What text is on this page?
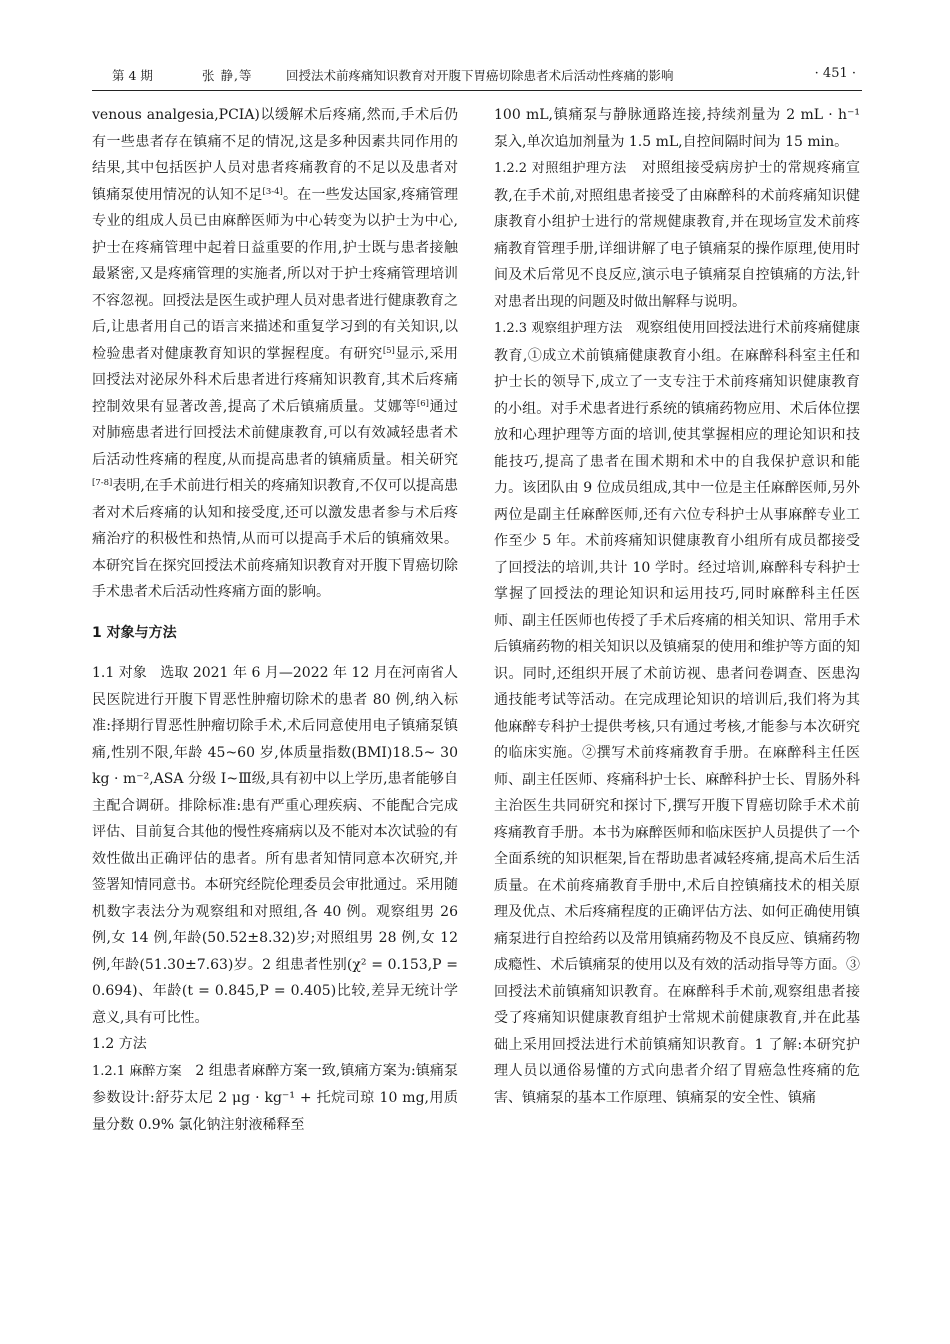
第 4 期	张 静,等	回授法术前疼痛知识教育对开腹下胃癌切除患者术后活动性疼痛的影响	· 451 ·

venous analgesia,PCIA)以缓解术后疼痛,然而,手术后仍有一些患者存在镇痛不足的情况,这是多种因素共同作用的结果,其中包括医护人员对患者疼痛教育的不足以及患者对镇痛泵使用情况的认知不足[3-4]。在一些发达国家,疼痛管理专业的组成人员已由麻醉医师为中心转变为以护士为中心,护士在疼痛管理中起着日益重要的作用,护士既与患者接触最紧密,又是疼痛管理的实施者,所以对于护士疼痛管理培训不容忽视。回授法是医生或护理人员对患者进行健康教育之后,让患者用自己的语言来描述和重复学习到的有关知识,以检验患者对健康教育知识的掌握程度。有研究[5]显示,采用回授法对泌尿外科术后患者进行疼痛知识教育,其术后疼痛控制效果有显著改善,提高了术后镇痛质量。艾娜等[6]通过对肺癌患者进行回授法术前健康教育,可以有效减轻患者术后活动性疼痛的程度,从而提高患者的镇痛质量。相关研究[7-8]表明,在手术前进行相关的疼痛知识教育,不仅可以提高患者对术后疼痛的认知和接受度,还可以激发患者参与术后疼痛治疗的积极性和热情,从而可以提高手术后的镇痛效果。本研究旨在探究回授法术前疼痛知识教育对开腹下胃癌切除手术患者术后活动性疼痛方面的影响。

1 对象与方法

1.1 对象 选取 2021 年 6 月—2022 年 12 月在河南省人民医院进行开腹下胃恶性肿瘤切除术的患者 80 例,纳入标准:择期行胃恶性肿瘤切除手术,术后同意使用电子镇痛泵镇痛,性别不限,年龄 45~60 岁,体质量指数(BMI)18.5~ 30 kg · m⁻²,ASA 分级 Ⅰ~Ⅲ级,具有初中以上学历,患者能够自主配合调研。排除标准:患有严重心理疾病、不能配合完成评估、目前复合其他的慢性疼痛病以及不能对本次试验的有效性做出正确评估的患者。所有患者知情同意本次研究,并签署知情同意书。本研究经院伦理委员会审批通过。采用随机数字表法分为观察组和对照组,各 40 例。观察组男 26 例,女 14 例,年龄(50.52±8.32)岁;对照组男 28 例,女 12 例,年龄(51.30±7.63)岁。2 组患者性别(χ² = 0.153,P = 0.694)、年龄(t = 0.845,P = 0.405)比较,差异无统计学意义,具有可比性。

1.2 方法

1.2.1 麻醉方案 2 组患者麻醉方案一致,镇痛方案为:镇痛泵参数设计:舒芬太尼 2 μg · kg⁻¹ + 托烷司琼 10 mg,用质量分数 0.9% 氯化钠注射液稀释至

100 mL,镇痛泵与静脉通路连接,持续剂量为 2 mL · h⁻¹ 泵入,单次追加剂量为 1.5 mL,自控间隔时间为 15 min。

1.2.2 对照组护理方法 对照组接受病房护士的常规疼痛宣教,在手术前,对照组患者接受了由麻醉科的术前疼痛知识健康教育小组护士进行的常规健康教育,并在现场宣发术前疼痛教育管理手册,详细讲解了电子镇痛泵的操作原理,使用时间及术后常见不良反应,演示电子镇痛泵自控镇痛的方法,针对患者出现的问题及时做出解释与说明。

1.2.3 观察组护理方法 观察组使用回授法进行术前疼痛健康教育,①成立术前镇痛健康教育小组。在麻醉科科室主任和护士长的领导下,成立了一支专注于术前疼痛知识健康教育的小组。对手术患者进行系统的镇痛药物应用、术后体位摆放和心理护理等方面的培训,使其掌握相应的理论知识和技能技巧,提高了患者在围术期和术中的自我保护意识和能力。该团队由 9 位成员组成,其中一位是主任麻醉医师,另外两位是副主任麻醉医师,还有六位专科护士从事麻醉专业工作至少 5 年。术前疼痛知识健康教育小组所有成员都接受了回授法的培训,共计 10 学时。经过培训,麻醉科专科护士掌握了回授法的理论知识和运用技巧,同时麻醉科主任医师、副主任医师也传授了手术后疼痛的相关知识、常用手术后镇痛药物的相关知识以及镇痛泵的使用和维护等方面的知识。同时,还组织开展了术前访视、患者问卷调查、医患沟通技能考试等活动。在完成理论知识的培训后,我们将为其他麻醉专科护士提供考核,只有通过考核,才能参与本次研究的临床实施。②撰写术前疼痛教育手册。在麻醉科主任医师、副主任医师、疼痛科护士长、麻醉科护士长、胃肠外科主治医生共同研究和探讨下,撰写开腹下胃癌切除手术术前疼痛教育手册。本书为麻醉医师和临床医护人员提供了一个全面系统的知识框架,旨在帮助患者减轻疼痛,提高术后生活质量。在术前疼痛教育手册中,术后自控镇痛技术的相关原理及优点、术后疼痛程度的正确评估方法、如何正确使用镇痛泵进行自控给药以及常用镇痛药物及不良反应、镇痛药物成瘾性、术后镇痛泵的使用以及有效的活动指导等方面。③回授法术前镇痛知识教育。在麻醉科手术前,观察组患者接受了疼痛知识健康教育组护士常规术前健康教育,并在此基础上采用回授法进行术前镇痛知识教育。1 了解:本研究护理人员以通俗易懂的方式向患者介绍了胃癌急性疼痛的危害、镇痛泵的基本工作原理、镇痛泵的安全性、镇痛
